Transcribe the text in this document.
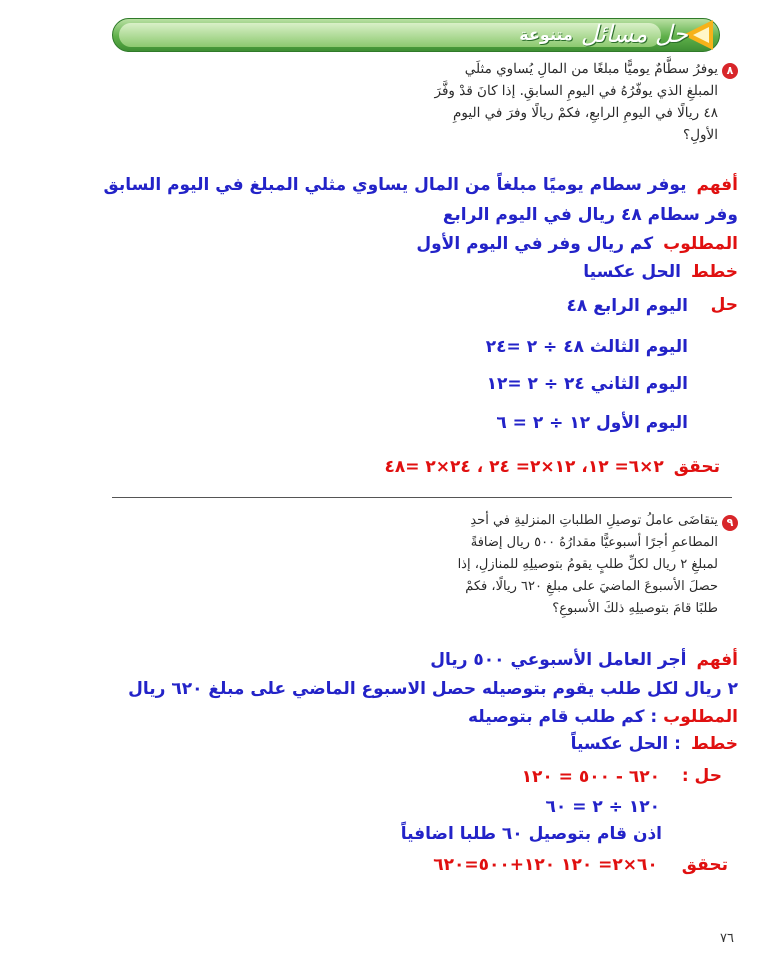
حل مسائل
متنوعة
٨
يوفرُ سطَّامٌ يوميًّا مبلغًا من المالِ يُساوي مثلَي
المبلغِ الذي يوفّرُهُ في اليومِ السابقِ. إذا كانَ قدْ وفَّرَ
٤٨ ريالًا في اليومِ الرابعِ، فكمْ ريالًا وفرَ في اليومِ
الأولِ؟
أفهميوفر سطام يوميًا مبلغاً من المال يساوي مثلي المبلغ في اليوم السابق
وفر سطام ٤٨ ريال في اليوم الرابع
المطلوبكم ريال وفر في اليوم الأول
خططالحل عكسيا
حل
اليوم الرابع ٤٨
اليوم الثالث ٤٨ ÷ ٢ =٢٤
اليوم الثاني ٢٤ ÷ ٢ =١٢
اليوم الأول ١٢ ÷ ٢ = ٦
تحقق٢×٦= ١٢، ١٢×٢= ٢٤ ، ٢٤×٢ =٤٨
٩
يتقاضَى عاملُ توصيلِ الطلباتِ المنزليةِ في أحدِ
المطاعمِ أجرًا أسبوعيًّا مقدارُهُ ٥٠٠ ريال إضافةً
لمبلغِ ٢ ريال لكلِّ طلبٍ يقومُ بتوصيلِهِ للمنازلِ، إذا
حصلَ الأسبوعَ الماضيَ على مبلغِ ٦٢٠ ريالًا، فكمْ
طلبًا قامَ بتوصيلِهِ ذلكَ الأسبوعِ؟
أفهمأجر العامل الأسبوعي ٥٠٠ ريال
٢ ريال لكل طلب يقوم بتوصيله حصل الاسبوع الماضي على مبلغ ٦٢٠ ريال
المطلوب : كم طلب قام بتوصيله
خطط: الحل عكسياً
حل :
٦٢٠ - ٥٠٠ = ١٢٠
١٢٠ ÷ ٢ = ٦٠
اذن قام بتوصيل ٦٠ طلبا اضافياً
تحقق٦٠×٢= ١٢٠ ١٢٠+٥٠٠=٦٢٠
٧٦
